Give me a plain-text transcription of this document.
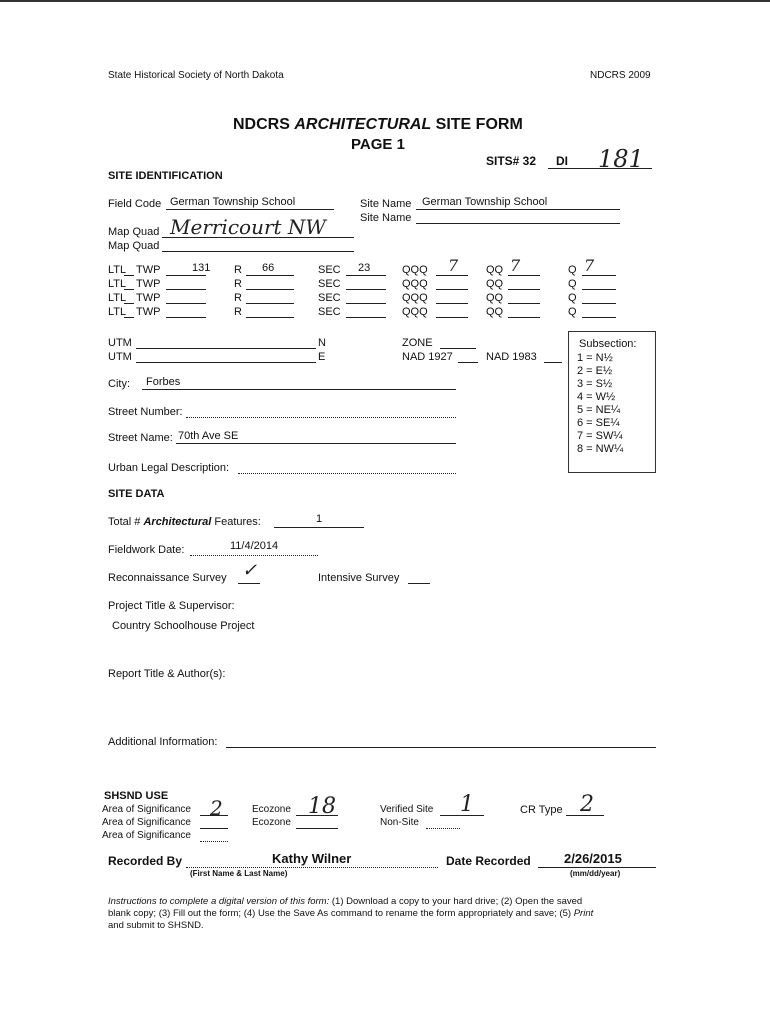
State Historical Society of North Dakota	NDCRS 2009
NDCRS ARCHITECTURAL SITE FORM
PAGE 1
SITS# 32 DI 181
SITE IDENTIFICATION
Field Code German Township School	Site Name German Township School
Site Name
Map Quad Merricourt NW
Map Quad
LTL TWP	131 R 66	SEC 23	QQQ 7	QQ 7	Q 7
LTL TWP	R	SEC	QQQ	QQ	Q
LTL TWP	R	SEC	QQQ	QQ	Q
LTL TWP	R	SEC	QQQ	QQ	Q
UTM	N
UTM	E
ZONE
NAD 1927	NAD 1983
Subsection:
1 = N½
2 = E½
3 = S½
4 = W½
5 = NE¼
6 = SE¼
7 = SW¼
8 = NW¼
City: Forbes
Street Number:
Street Name: 70th Ave SE
Urban Legal Description:
SITE DATA
Total # Architectural Features:	1
Fieldwork Date:	11/4/2014
Reconnaissance Survey ✓	Intensive Survey
Project Title & Supervisor:
Country Schoolhouse Project
Report Title & Author(s):
Additional Information:
SHSND USE
Area of Significance 2
Area of Significance
Area of Significance
Ecozone 18
Ecozone
Verified Site 1
Non-Site
CR Type 2
Recorded By	Kathy Wilner
(First Name & Last Name)
Date Recorded	2/26/2015
(mm/dd/year)
Instructions to complete a digital version of this form: (1) Download a copy to your hard drive; (2) Open the saved
blank copy; (3) Fill out the form; (4) Use the Save As command to rename the form appropriately and save; (5) Print
and submit to SHSND.
